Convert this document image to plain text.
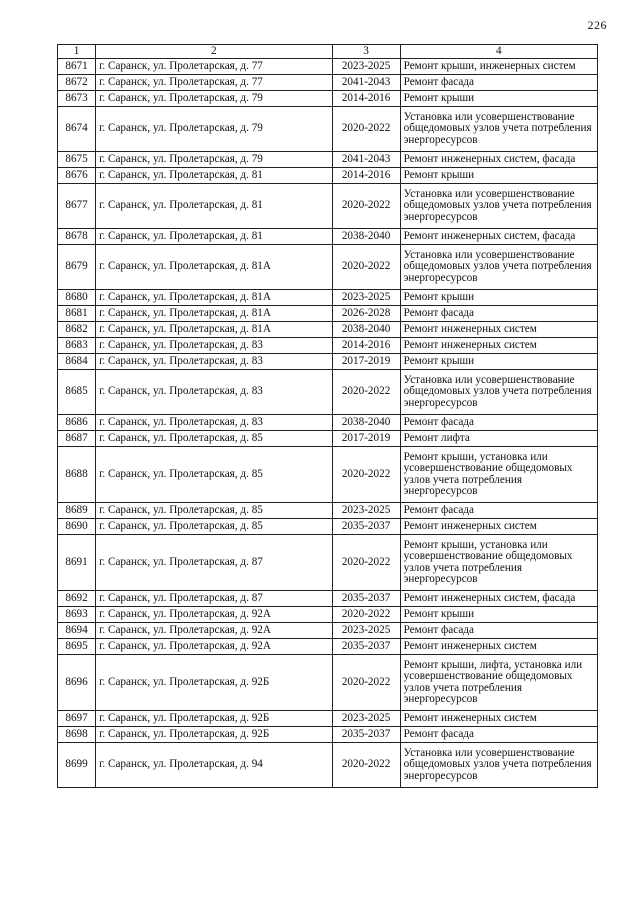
226
1	2	3	4
8671	г. Саранск, ул. Пролетарская, д. 77	2023-2025	Ремонт крыши, инженерных систем
8672	г. Саранск, ул. Пролетарская, д. 77	2041-2043	Ремонт фасада
8673	г. Саранск, ул. Пролетарская, д. 79	2014-2016	Ремонт крыши
8674	г. Саранск, ул. Пролетарская, д. 79	2020-2022	Установка или усовершенствование общедомовых узлов учета потребления энергоресурсов
8675	г. Саранск, ул. Пролетарская, д. 79	2041-2043	Ремонт инженерных систем, фасада
8676	г. Саранск, ул. Пролетарская, д. 81	2014-2016	Ремонт крыши
8677	г. Саранск, ул. Пролетарская, д. 81	2020-2022	Установка или усовершенствование общедомовых узлов учета потребления энергоресурсов
8678	г. Саранск, ул. Пролетарская, д. 81	2038-2040	Ремонт инженерных систем, фасада
8679	г. Саранск, ул. Пролетарская, д. 81А	2020-2022	Установка или усовершенствование общедомовых узлов учета потребления энергоресурсов
8680	г. Саранск, ул. Пролетарская, д. 81А	2023-2025	Ремонт крыши
8681	г. Саранск, ул. Пролетарская, д. 81А	2026-2028	Ремонт фасада
8682	г. Саранск, ул. Пролетарская, д. 81А	2038-2040	Ремонт инженерных систем
8683	г. Саранск, ул. Пролетарская, д. 83	2014-2016	Ремонт инженерных систем
8684	г. Саранск, ул. Пролетарская, д. 83	2017-2019	Ремонт крыши
8685	г. Саранск, ул. Пролетарская, д. 83	2020-2022	Установка или усовершенствование общедомовых узлов учета потребления энергоресурсов
8686	г. Саранск, ул. Пролетарская, д. 83	2038-2040	Ремонт фасада
8687	г. Саранск, ул. Пролетарская, д. 85	2017-2019	Ремонт лифта
8688	г. Саранск, ул. Пролетарская, д. 85	2020-2022	Ремонт крыши, установка или усовершенствование общедомовых узлов учета потребления энергоресурсов
8689	г. Саранск, ул. Пролетарская, д. 85	2023-2025	Ремонт фасада
8690	г. Саранск, ул. Пролетарская, д. 85	2035-2037	Ремонт инженерных систем
8691	г. Саранск, ул. Пролетарская, д. 87	2020-2022	Ремонт крыши, установка или усовершенствование общедомовых узлов учета потребления энергоресурсов
8692	г. Саранск, ул. Пролетарская, д. 87	2035-2037	Ремонт инженерных систем, фасада
8693	г. Саранск, ул. Пролетарская, д. 92А	2020-2022	Ремонт крыши
8694	г. Саранск, ул. Пролетарская, д. 92А	2023-2025	Ремонт фасада
8695	г. Саранск, ул. Пролетарская, д. 92А	2035-2037	Ремонт инженерных систем
8696	г. Саранск, ул. Пролетарская, д. 92Б	2020-2022	Ремонт крыши, лифта, установка или усовершенствование общедомовых узлов учета потребления энергоресурсов
8697	г. Саранск, ул. Пролетарская, д. 92Б	2023-2025	Ремонт инженерных систем
8698	г. Саранск, ул. Пролетарская, д. 92Б	2035-2037	Ремонт фасада
8699	г. Саранск, ул. Пролетарская, д. 94	2020-2022	Установка или усовершенствование общедомовых узлов учета потребления энергоресурсов
